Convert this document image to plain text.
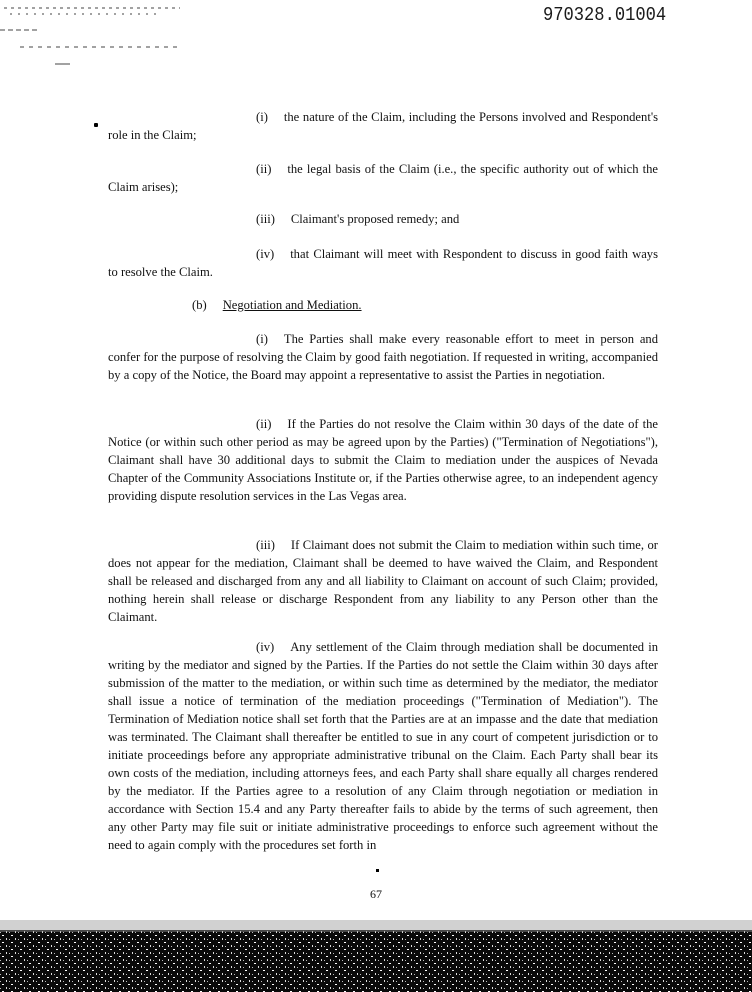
970328.01004

(i) the nature of the Claim, including the Persons involved and Respondent's role in the Claim;

(ii) the legal basis of the Claim (i.e., the specific authority out of which the Claim arises);

(iii) Claimant's proposed remedy; and

(iv) that Claimant will meet with Respondent to discuss in good faith ways to resolve the Claim.

(b) Negotiation and Mediation.

(i) The Parties shall make every reasonable effort to meet in person and confer for the purpose of resolving the Claim by good faith negotiation. If requested in writing, accompanied by a copy of the Notice, the Board may appoint a representative to assist the Parties in negotiation.

(ii) If the Parties do not resolve the Claim within 30 days of the date of the Notice (or within such other period as may be agreed upon by the Parties) ("Termination of Negotiations"), Claimant shall have 30 additional days to submit the Claim to mediation under the auspices of Nevada Chapter of the Community Associations Institute or, if the Parties otherwise agree, to an independent agency providing dispute resolution services in the Las Vegas area.

(iii) If Claimant does not submit the Claim to mediation within such time, or does not appear for the mediation, Claimant shall be deemed to have waived the Claim, and Respondent shall be released and discharged from any and all liability to Claimant on account of such Claim; provided, nothing herein shall release or discharge Respondent from any liability to any Person other than the Claimant.

(iv) Any settlement of the Claim through mediation shall be documented in writing by the mediator and signed by the Parties. If the Parties do not settle the Claim within 30 days after submission of the matter to the mediation, or within such time as determined by the mediator, the mediator shall issue a notice of termination of the mediation proceedings ("Termination of Mediation"). The Termination of Mediation notice shall set forth that the Parties are at an impasse and the date that mediation was terminated. The Claimant shall thereafter be entitled to sue in any court of competent jurisdiction or to initiate proceedings before any appropriate administrative tribunal on the Claim. Each Party shall bear its own costs of the mediation, including attorneys fees, and each Party shall share equally all charges rendered by the mediator. If the Parties agree to a resolution of any Claim through negotiation or mediation in accordance with Section 15.4 and any Party thereafter fails to abide by the terms of such agreement, then any other Party may file suit or initiate administrative proceedings to enforce such agreement without the need to again comply with the procedures set forth in

67
